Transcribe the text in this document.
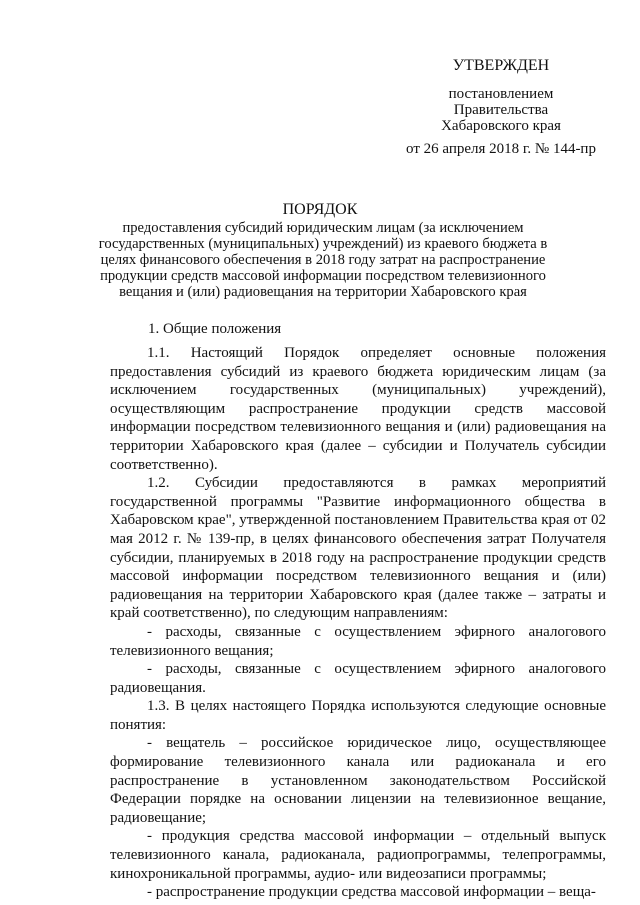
УТВЕРЖДЕН
постановлением
Правительства
Хабаровского края
от 26 апреля 2018 г. № 144-пр
ПОРЯДОК
предоставления субсидий юридическим лицам (за исключением государственных (муниципальных) учреждений) из краевого бюджета в целях финансового обеспечения в 2018 году затрат на распространение продукции средств массовой информации посредством телевизионного вещания и (или) радиовещания на территории Хабаровского края
1. Общие положения

1.1. Настоящий Порядок определяет основные положения предоставления субсидий из краевого бюджета юридическим лицам (за исключением государственных (муниципальных) учреждений), осуществляющим распространение продукции средств массовой информации посредством телевизионного вещания и (или) радиовещания на территории Хабаровского края (далее – субсидии и Получатель субсидии соответственно).

1.2. Субсидии предоставляются в рамках мероприятий государственной программы "Развитие информационного общества в Хабаровском крае", утвержденной постановлением Правительства края от 02 мая 2012 г. № 139-пр, в целях финансового обеспечения затрат Получателя субсидии, планируемых в 2018 году на распространение продукции средств массовой информации посредством телевизионного вещания и (или) радиовещания на территории Хабаровского края (далее также – затраты и край соответственно), по следующим направлениям:

- расходы, связанные с осуществлением эфирного аналогового телевизионного вещания;

- расходы, связанные с осуществлением эфирного аналогового радиовещания.

1.3. В целях настоящего Порядка используются следующие основные понятия:

- вещатель – российское юридическое лицо, осуществляющее формирование телевизионного канала или радиоканала и его распространение в установленном законодательством Российской Федерации порядке на основании лицензии на телевизионное вещание, радиовещание;

- продукция средства массовой информации – отдельный выпуск телевизионного канала, радиоканала, радиопрограммы, телепрограммы, кинохроникальной программы, аудио- или видеозаписи программы;

- распространение продукции средства массовой информации – веща-
